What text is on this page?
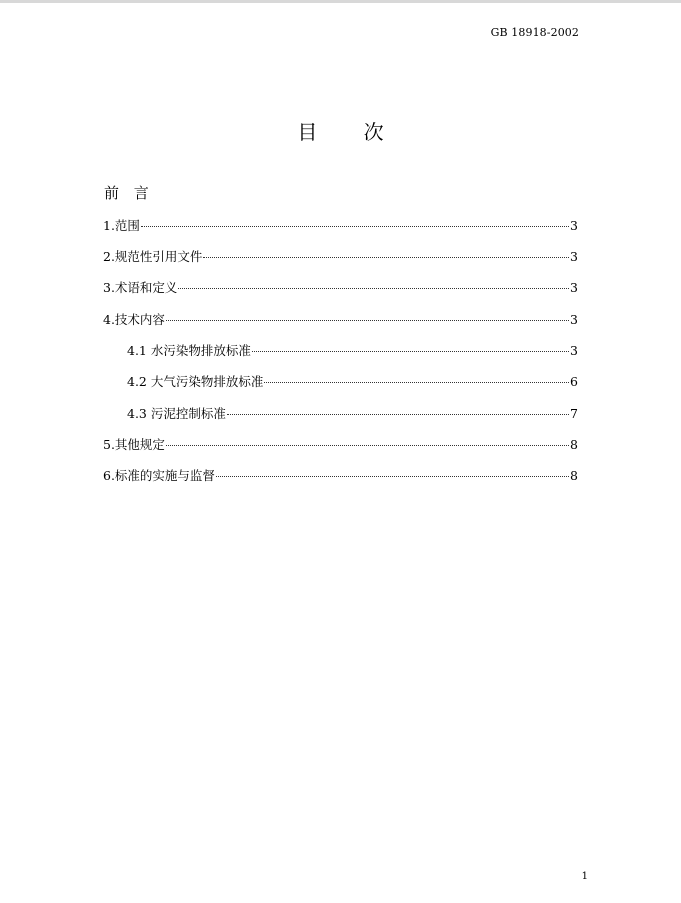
GB 18918-2002
目 次
前 言
1.范围	3
2.规范性引用文件	3
3.术语和定义	3
4.技术内容	3
4.1 水污染物排放标准	3
4.2 大气污染物排放标准	6
4.3 污泥控制标准	7
5.其他规定	8
6.标准的实施与监督	8
1
